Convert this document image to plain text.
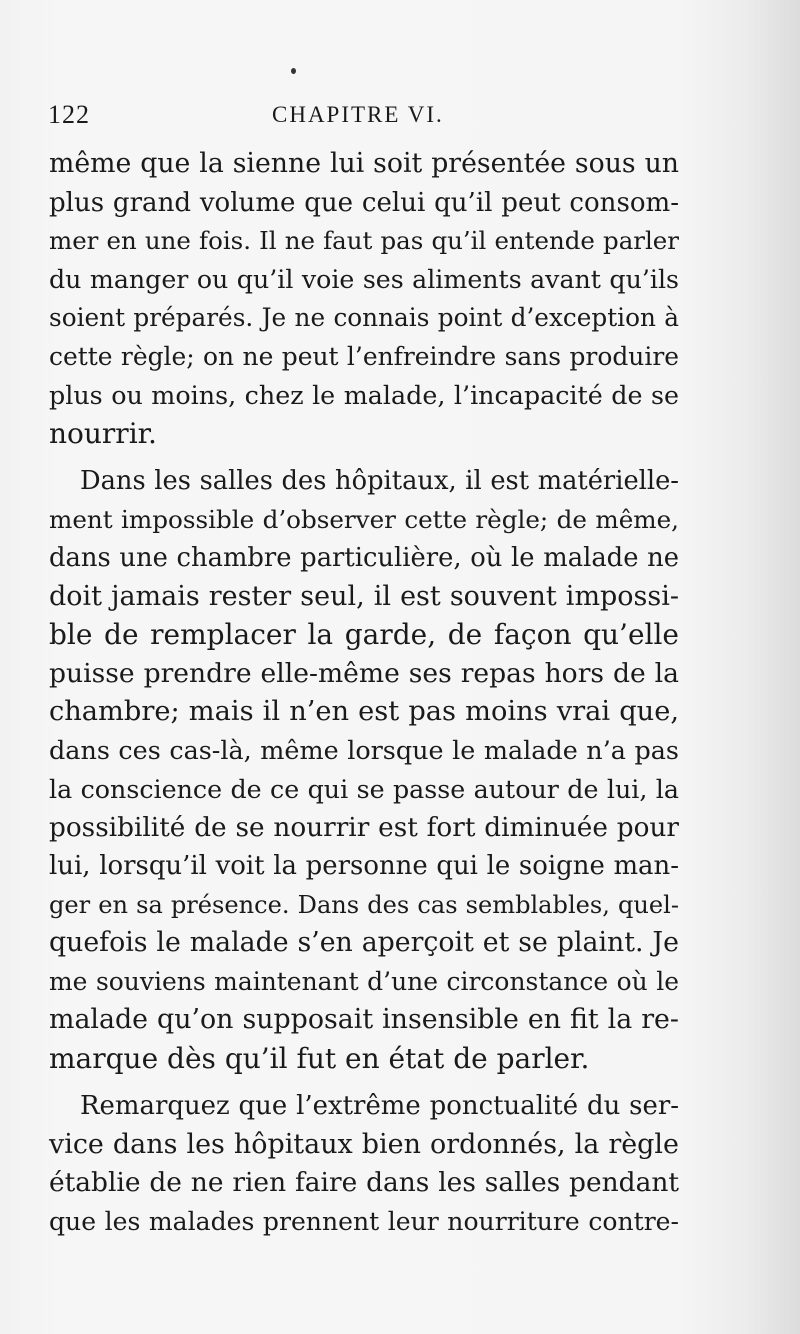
122	CHAPITRE VI.
même que la sienne lui soit présentée sous un
plus grand volume que celui qu’il peut consom-
mer en une fois. Il ne faut pas qu’il entende parler
du manger ou qu’il voie ses aliments avant qu’ils
soient préparés. Je ne connais point d’exception à
cette règle; on ne peut l’enfreindre sans produire
plus ou moins, chez le malade, l’incapacité de se
nourrir.
Dans les salles des hôpitaux, il est matérielle-
ment impossible d’observer cette règle; de même,
dans une chambre particulière, où le malade ne
doit jamais rester seul, il est souvent impossi-
ble de remplacer la garde, de façon qu’elle
puisse prendre elle-même ses repas hors de la
chambre; mais il n’en est pas moins vrai que,
dans ces cas-là, même lorsque le malade n’a pas
la conscience de ce qui se passe autour de lui, la
possibilité de se nourrir est fort diminuée pour
lui, lorsqu’il voit la personne qui le soigne man-
ger en sa présence. Dans des cas semblables, quel-
quefois le malade s’en aperçoit et se plaint. Je
me souviens maintenant d’une circonstance où le
malade qu’on supposait insensible en fit la re-
marque dès qu’il fut en état de parler.
Remarquez que l’extrême ponctualité du ser-
vice dans les hôpitaux bien ordonnés, la règle
établie de ne rien faire dans les salles pendant
que les malades prennent leur nourriture contre-
